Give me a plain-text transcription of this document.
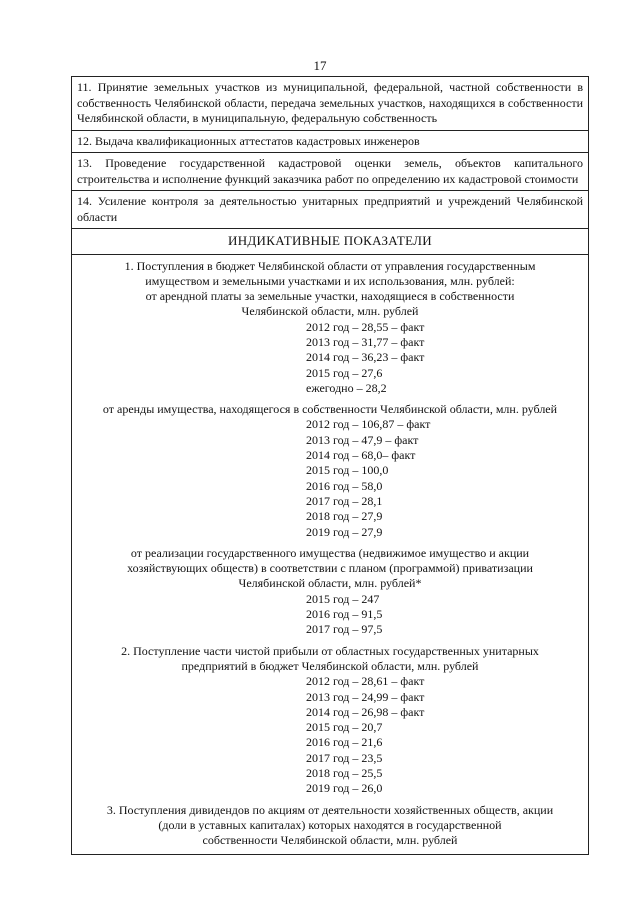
17
11. Принятие земельных участков из муниципальной, федеральной, частной собственности в собственность Челябинской области, передача земельных участков, находящихся в собственности Челябинской области, в муниципальную, федеральную собственность
12. Выдача квалификационных аттестатов кадастровых инженеров
13. Проведение государственной кадастровой оценки земель, объектов капитального строительства и исполнение функций заказчика работ по определению их кадастровой стоимости
14. Усиление контроля за деятельностью унитарных предприятий и учреждений Челябинской области
ИНДИКАТИВНЫЕ ПОКАЗАТЕЛИ
1. Поступления в бюджет Челябинской области от управления государственным
имуществом и земельными участками и их использования, млн. рублей:
от арендной платы за земельные участки, находящиеся в собственности
Челябинской области, млн. рублей
2012 год – 28,55 – факт
2013 год – 31,77 – факт
2014 год – 36,23 – факт
2015 год – 27,6
ежегодно – 28,2
от аренды имущества, находящегося в собственности Челябинской области, млн. рублей
2012 год – 106,87 – факт
2013 год – 47,9 – факт
2014 год – 68,0– факт
2015 год – 100,0
2016 год – 58,0
2017 год – 28,1
2018 год – 27,9
2019 год – 27,9
от реализации государственного имущества (недвижимое имущество и акции
хозяйствующих обществ) в соответствии с планом (программой) приватизации
Челябинской области, млн. рублей*
2015 год – 247
2016 год – 91,5
2017 год – 97,5
2. Поступление части чистой прибыли от областных государственных унитарных
предприятий в бюджет Челябинской области, млн. рублей
2012 год – 28,61 – факт
2013 год – 24,99 – факт
2014 год – 26,98 – факт
2015 год – 20,7
2016 год – 21,6
2017 год – 23,5
2018 год – 25,5
2019 год – 26,0
3. Поступления дивидендов по акциям от деятельности хозяйственных обществ, акции
(доли в уставных капиталах) которых находятся в государственной
собственности Челябинской области, млн. рублей
